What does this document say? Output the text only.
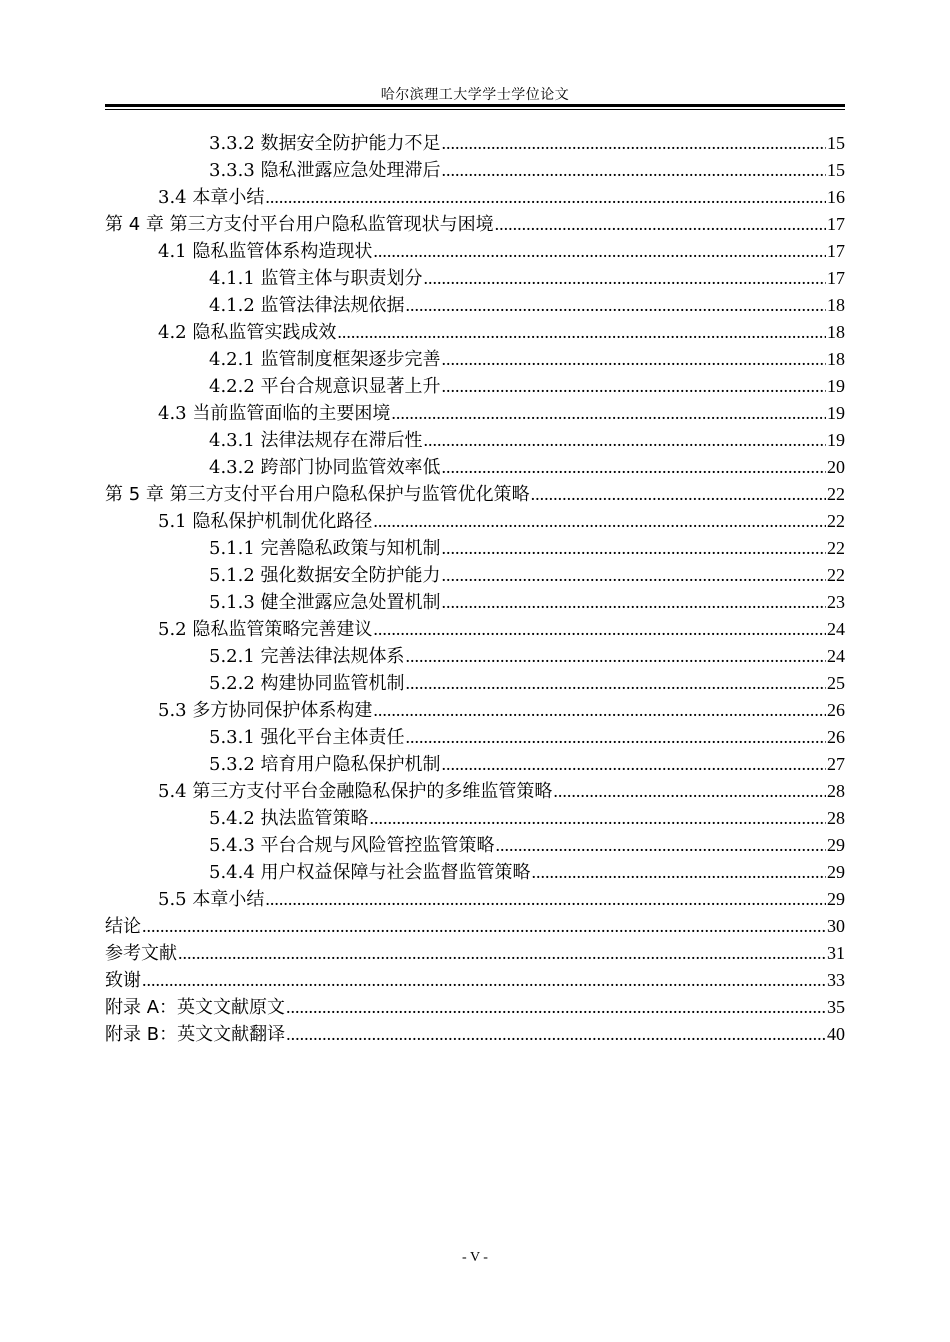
哈尔滨理工大学学士学位论文
3.3.2 数据安全防护能力不足 .....	15
3.3.3 隐私泄露应急处理滞后 .....	15
3.4 本章小结 .....	16
第 4 章 第三方支付平台用户隐私监管现状与困境 .....	17
4.1 隐私监管体系构造现状 .....	17
4.1.1 监管主体与职责划分 .....	17
4.1.2 监管法律法规依据 .....	18
4.2 隐私监管实践成效 .....	18
4.2.1 监管制度框架逐步完善 .....	18
4.2.2 平台合规意识显著上升 .....	19
4.3 当前监管面临的主要困境 .....	19
4.3.1 法律法规存在滞后性 .....	19
4.3.2 跨部门协同监管效率低 .....	20
第 5 章 第三方支付平台用户隐私保护与监管优化策略 .....	22
5.1 隐私保护机制优化路径 .....	22
5.1.1 完善隐私政策与知机制 .....	22
5.1.2 强化数据安全防护能力 .....	22
5.1.3 健全泄露应急处置机制 .....	23
5.2 隐私监管策略完善建议 .....	24
5.2.1 完善法律法规体系 .....	24
5.2.2 构建协同监管机制 .....	25
5.3 多方协同保护体系构建 .....	26
5.3.1 强化平台主体责任 .....	26
5.3.2 培育用户隐私保护机制 .....	27
5.4 第三方支付平台金融隐私保护的多维监管策略 .....	28
5.4.2 执法监管策略 .....	28
5.4.3 平台合规与风险管控监管策略 .....	29
5.4.4 用户权益保障与社会监督监管策略 .....	29
5.5 本章小结 .....	29
结论 .....	30
参考文献 .....	31
致谢 .....	33
附录 A：英文文献原文 .....	35
附录 B：英文文献翻译 .....	40
- V -
